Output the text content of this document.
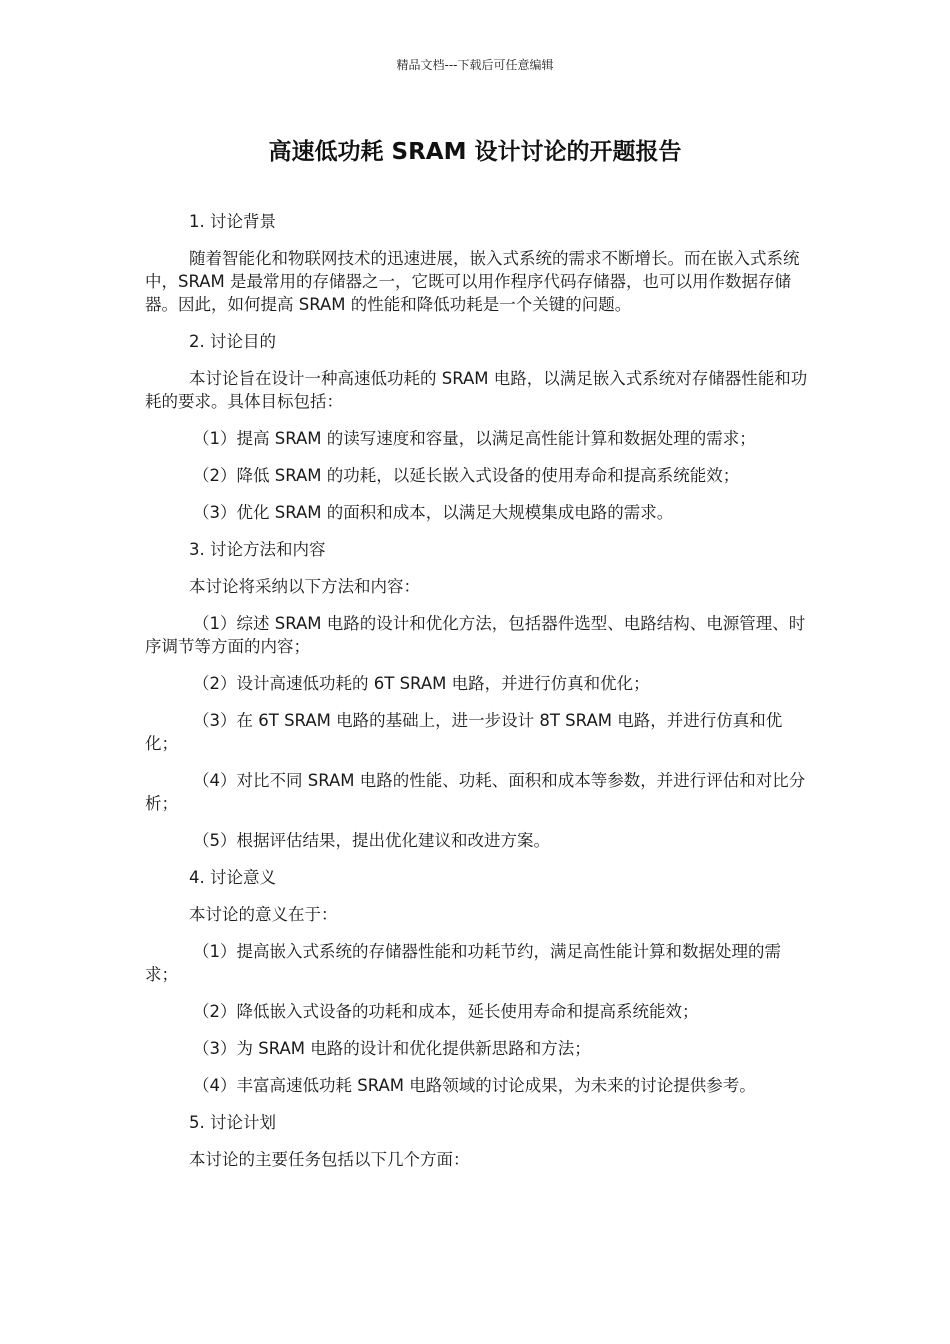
精品文档---下载后可任意编辑
高速低功耗 SRAM 设计讨论的开题报告

1. 讨论背景

随着智能化和物联网技术的迅速进展，嵌入式系统的需求不断增长。而在嵌入式系统中，SRAM 是最常用的存储器之一，它既可以用作程序代码存储器，也可以用作数据存储器。因此，如何提高 SRAM 的性能和降低功耗是一个关键的问题。

2. 讨论目的

本讨论旨在设计一种高速低功耗的 SRAM 电路，以满足嵌入式系统对存储器性能和功耗的要求。具体目标包括：

（1）提高 SRAM 的读写速度和容量，以满足高性能计算和数据处理的需求；

（2）降低 SRAM 的功耗，以延长嵌入式设备的使用寿命和提高系统能效；

（3）优化 SRAM 的面积和成本，以满足大规模集成电路的需求。

3. 讨论方法和内容

本讨论将采纳以下方法和内容：

（1）综述 SRAM 电路的设计和优化方法，包括器件选型、电路结构、电源管理、时序调节等方面的内容；

（2）设计高速低功耗的 6T SRAM 电路，并进行仿真和优化；

（3）在 6T SRAM 电路的基础上，进一步设计 8T SRAM 电路，并进行仿真和优化；

（4）对比不同 SRAM 电路的性能、功耗、面积和成本等参数，并进行评估和对比分析；

（5）根据评估结果，提出优化建议和改进方案。

4. 讨论意义

本讨论的意义在于：

（1）提高嵌入式系统的存储器性能和功耗节约，满足高性能计算和数据处理的需求；

（2）降低嵌入式设备的功耗和成本，延长使用寿命和提高系统能效；

（3）为 SRAM 电路的设计和优化提供新思路和方法；

（4）丰富高速低功耗 SRAM 电路领域的讨论成果，为未来的讨论提供参考。

5. 讨论计划

本讨论的主要任务包括以下几个方面：
